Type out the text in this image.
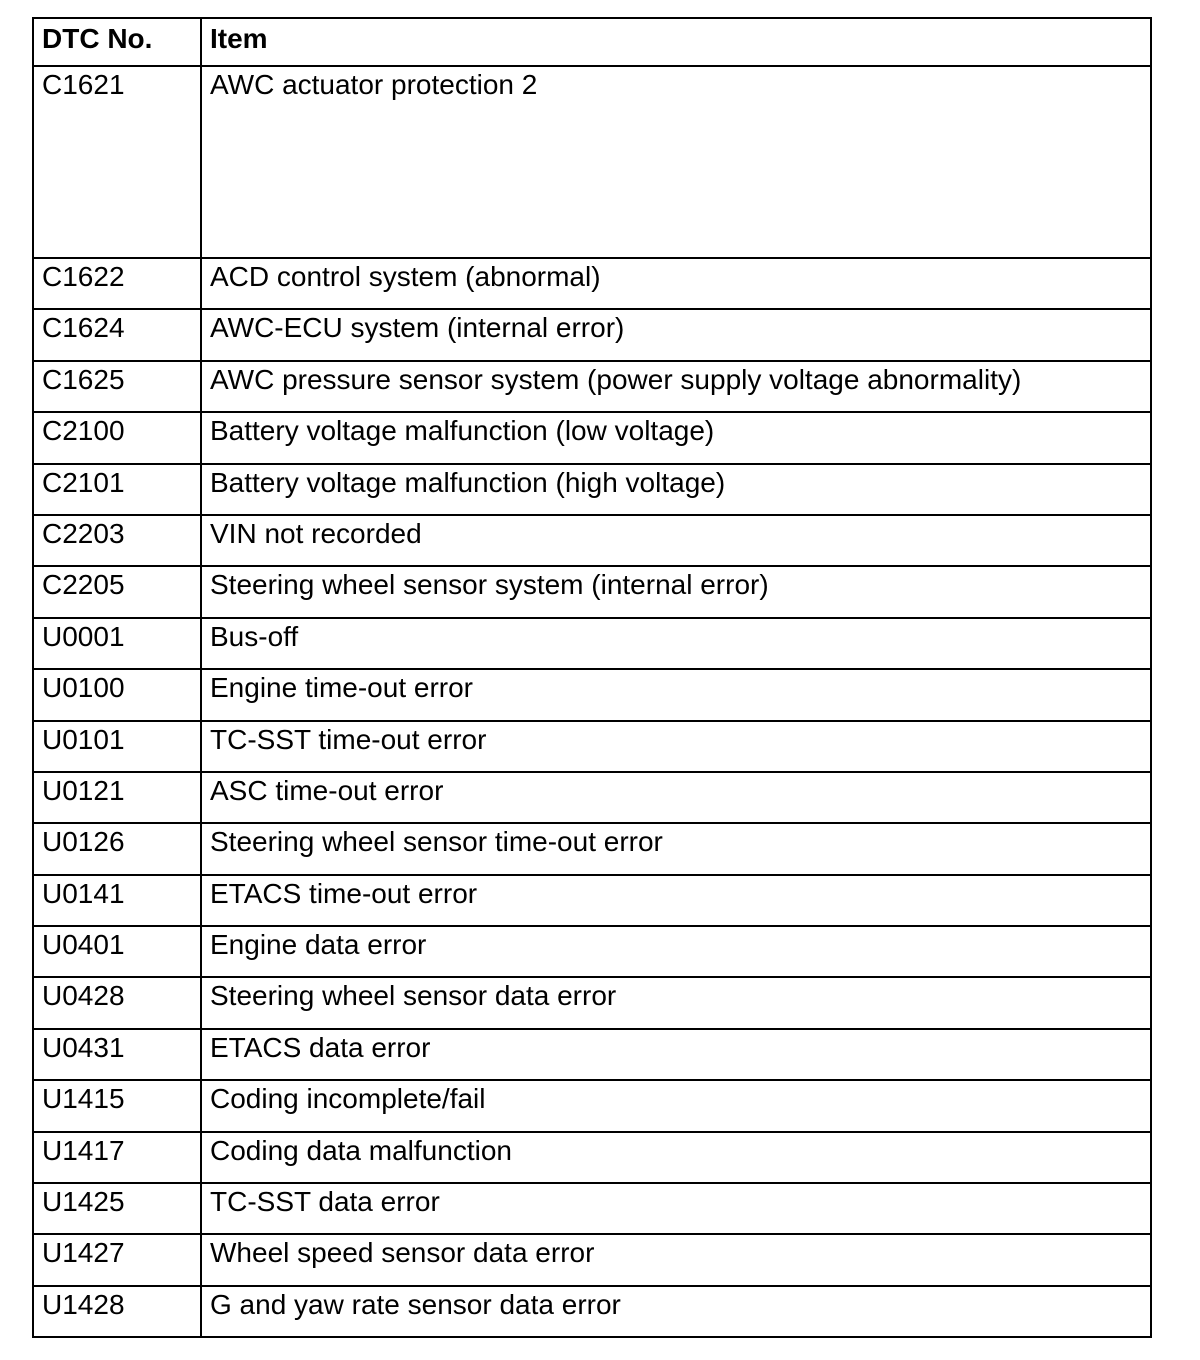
DTC No.	Item
C1621	AWC actuator protection 2
C1622	ACD control system (abnormal)
C1624	AWC-ECU system (internal error)
C1625	AWC pressure sensor system (power supply voltage abnormality)
C2100	Battery voltage malfunction (low voltage)
C2101	Battery voltage malfunction (high voltage)
C2203	VIN not recorded
C2205	Steering wheel sensor system (internal error)
U0001	Bus-off
U0100	Engine time-out error
U0101	TC-SST time-out error
U0121	ASC time-out error
U0126	Steering wheel sensor time-out error
U0141	ETACS time-out error
U0401	Engine data error
U0428	Steering wheel sensor data error
U0431	ETACS data error
U1415	Coding incomplete/fail
U1417	Coding data malfunction
U1425	TC-SST data error
U1427	Wheel speed sensor data error
U1428	G and yaw rate sensor data error
